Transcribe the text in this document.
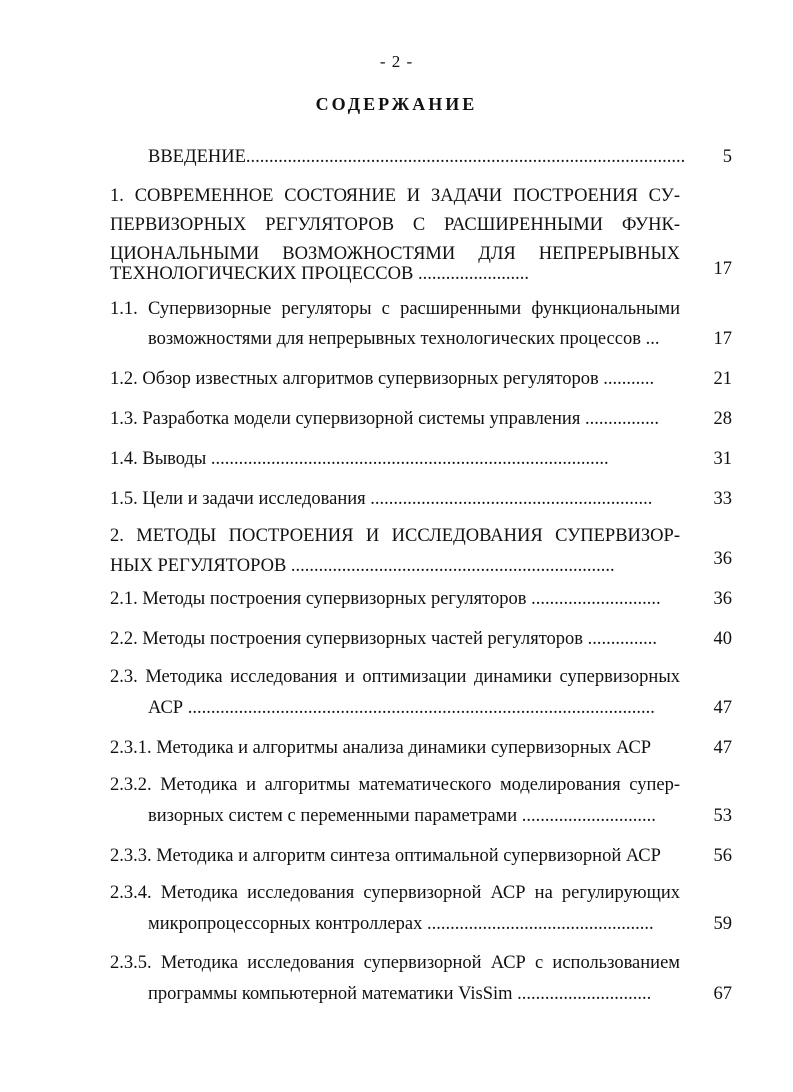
- 2 -
СОДЕРЖАНИЕ
ВВЕДЕНИЕ...............................................................................................	5
1. СОВРЕМЕННОЕ СОСТОЯНИЕ И ЗАДАЧИ ПОСТРОЕНИЯ СУ-
ПЕРВИЗОРНЫХ РЕГУЛЯТОРОВ С РАСШИРЕННЫМИ ФУНК-
ЦИОНАЛЬНЫМИ ВОЗМОЖНОСТЯМИ ДЛЯ НЕПРЕРЫВНЫХ
ТЕХНОЛОГИЧЕСКИХ ПРОЦЕССОВ ........................	17
1.1. Супервизорные регуляторы с расширенными функциональными
возможностями для непрерывных технологических процессов ...	17
1.2. Обзор известных алгоритмов супервизорных регуляторов ...........	21
1.3. Разработка модели супервизорной системы управления ................	28
1.4. Выводы ......................................................................................	31
1.5. Цели и задачи исследования .............................................................	33
2. МЕТОДЫ ПОСТРОЕНИЯ И ИССЛЕДОВАНИЯ СУПЕРВИЗОР-
НЫХ РЕГУЛЯТОРОВ ......................................................................	36
2.1. Методы построения супервизорных регуляторов ............................	36
2.2. Методы построения супервизорных частей регуляторов ...............	40
2.3. Методика исследования и оптимизации динамики супервизорных
АСР .....................................................................................................	47
2.3.1. Методика и алгоритмы анализа динамики супервизорных АСР	47
2.3.2. Методика и алгоритмы математического моделирования супер-
визорных систем с переменными параметрами .............................	53
2.3.3. Методика и алгоритм синтеза оптимальной супервизорной АСР	56
2.3.4. Методика исследования супервизорной АСР на регулирующих
микропроцессорных контроллерах .................................................	59
2.3.5. Методика исследования супервизорной АСР с использованием
программы компьютерной математики VisSim .............................	67
